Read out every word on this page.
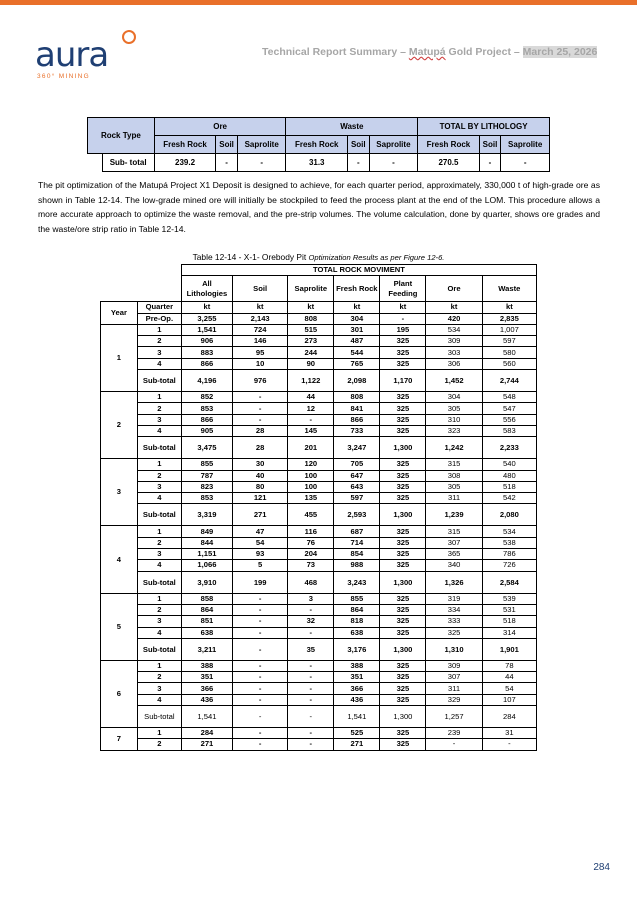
aura
360° MINING
Technical Report Summary – Matupá Gold Project – March 25, 2026
Rock Type		Ore			Waste			TOTAL BY LITHOLOGY		
		Fresh Rock	Soil	Saprolite	Fresh Rock	Soil	Saprolite	Fresh Rock	Soil	Saprolite
	Sub- total	239.2	-	-	31.3	-	-	270.5	-	-
The pit optimization of the Matupá Project X1 Deposit is designed to achieve, for each quarter period, approximately, 330,000 t of high-grade ore as shown in Table 12-14. The low-grade mined ore will initially be stockpiled to feed the process plant at the end of the LOM. This procedure allows a more accurate approach to optimize the waste removal, and the pre-strip volumes. The volume calculation, done by quarter, shows ore grades and the waste/ore strip ratio in Table 12-14.
Table 12-14 - X-1- Orebody Pit Optimization Results as per Figure 12-6.
		TOTAL ROCK MOVIMENT						
		All Lithologies	Soil	Saprolite	Fresh Rock	Plant Feeding	Ore	Waste
Year	Quarter	kt	kt	kt	kt	kt	kt	kt
	Pre-Op.	3,255	2,143	808	304	-	420	2,835
1	1	1,541	724	515	301	195	534	1,007
	2	906	146	273	487	325	309	597
	3	883	95	244	544	325	303	580
	4	866	10	90	765	325	306	560
	Sub-total	4,196	976	1,122	2,098	1,170	1,452	2,744
2	1	852	-	44	808	325	304	548
	2	853	-	12	841	325	305	547
	3	866	-	-	866	325	310	556
	4	905	28	145	733	325	323	583
	Sub-total	3,475	28	201	3,247	1,300	1,242	2,233
3	1	855	30	120	705	325	315	540
	2	787	40	100	647	325	308	480
	3	823	80	100	643	325	305	518
	4	853	121	135	597	325	311	542
	Sub-total	3,319	271	455	2,593	1,300	1,239	2,080
4	1	849	47	116	687	325	315	534
	2	844	54	76	714	325	307	538
	3	1,151	93	204	854	325	365	786
	4	1,066	5	73	988	325	340	726
	Sub-total	3,910	199	468	3,243	1,300	1,326	2,584
5	1	858	-	3	855	325	319	539
	2	864	-	-	864	325	334	531
	3	851	-	32	818	325	333	518
	4	638	-	-	638	325	325	314
	Sub-total	3,211	-	35	3,176	1,300	1,310	1,901
6	1	388	-	-	388	325	309	78
	2	351	-	-	351	325	307	44
	3	366	-	-	366	325	311	54
	4	436	-	-	436	325	329	107
	Sub-total	1,541	-	-	1,541	1,300	1,257	284
7	1	284	-	-	525	325	239	31
	2	271	-	-	271	325	-	-
284
